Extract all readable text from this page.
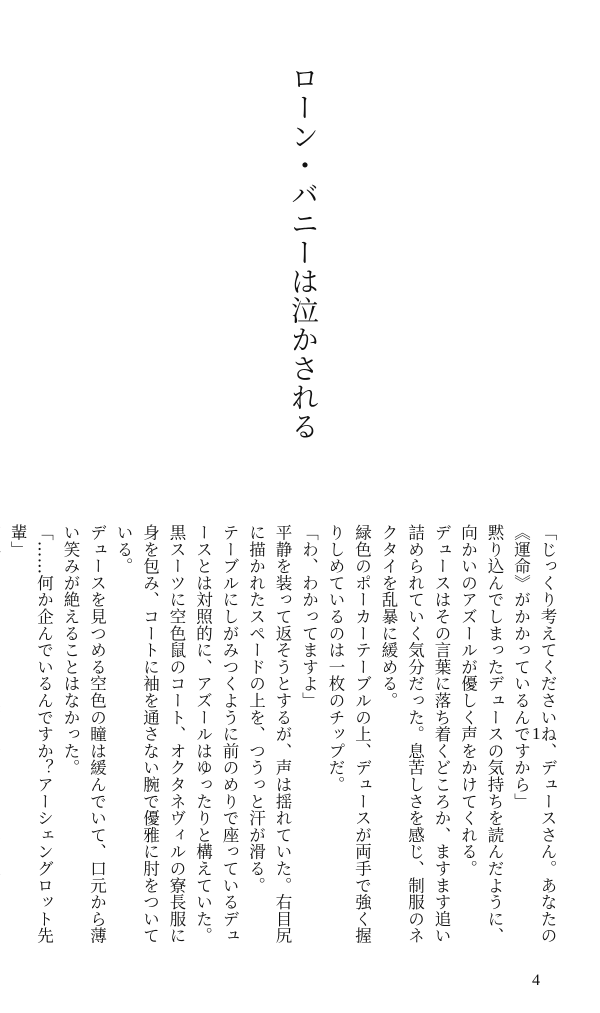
ローン・バニーは泣かされる
1

「じっくり考えてくださいね、デュースさん。あなたの《運命》がかかっているんですから」

黙り込んでしまったデュースの気持ちを読んだように、向かいのアズールが優しく声をかけてくれる。

デュースはその言葉に落ち着くどころか、ますます追い詰められていく気分だった。息苦しさを感じ、制服のネクタイを乱暴に緩める。

緑色のポーカーテーブルの上、デュースが両手で強く握りしめているのは一枚のチップだ。

「わ、わかってますよ」

平静を装って返そうとするが、声は揺れていた。右目尻に描かれたスペードの上を、つうっと汗が滑る。

テーブルにしがみつくように前のめりで座っているデュースとは対照的に、アズールはゆったりと構えていた。黒スーツに空色鼠のコート、オクタネヴィルの寮長服に身を包み、コートに袖を通さない腕で優雅に肘をついている。

デュースを見つめる空色の瞳は緩んでいて、口元から薄い笑みが絶えることはなかった。

「……何か企んでいるんですか？アーシェングロット先輩」

4
